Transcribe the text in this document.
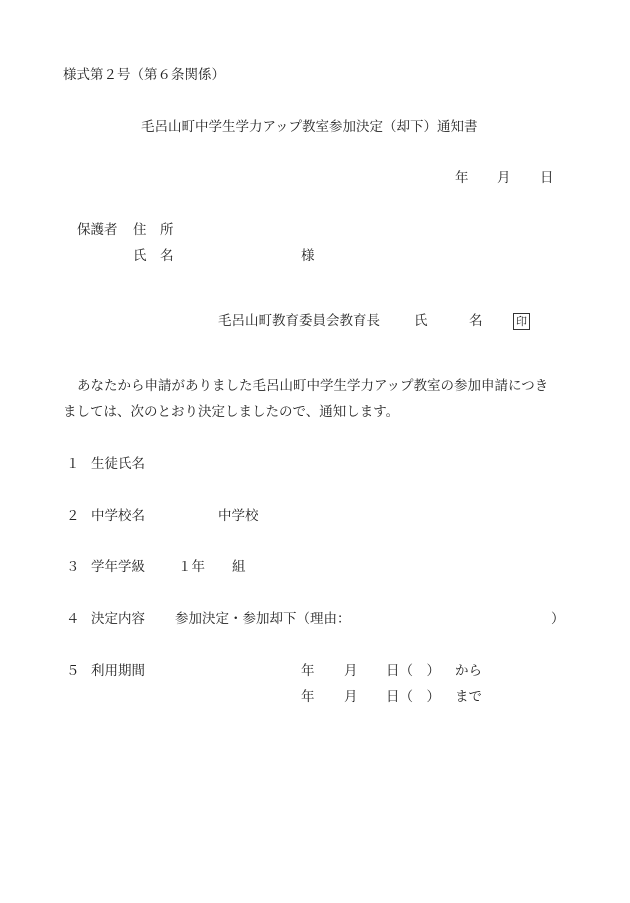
様式第２号（第６条関係）
毛呂山町中学生学力アップ教室参加決定（却下）通知書
年 月 日
保護者 住　所
氏　名	様
毛呂山町教育委員会教育長	氏	名	印
あなたから申請がありました毛呂山町中学生学力アップ教室の参加申請につき
ましては、次のとおり決定しましたので、通知します。
１ 生徒氏名
２ 中学校名	中学校
３ 学年学級 １年 組
４ 決定内容 参加決定・参加却下（理由：	）
５ 利用期間	年 月 日（　） から
年 月 日（　） まで
